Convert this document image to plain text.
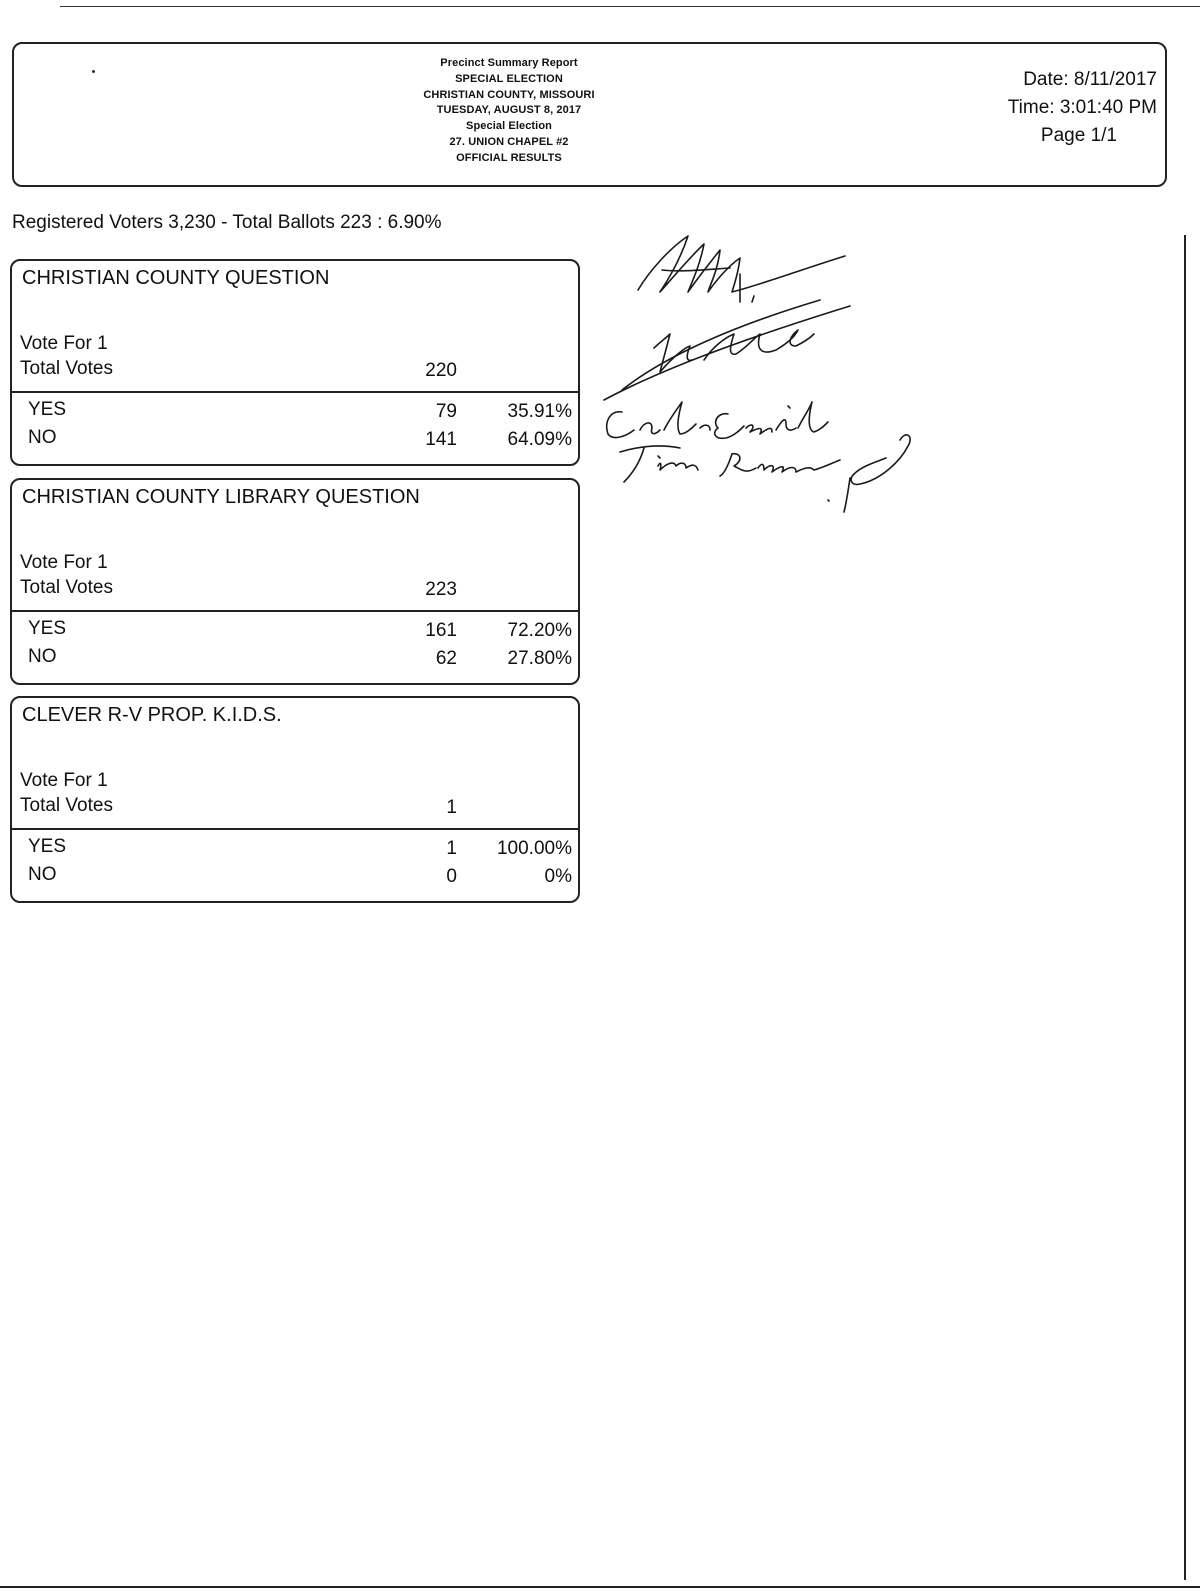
Precinct Summary Report
SPECIAL ELECTION
CHRISTIAN COUNTY, MISSOURI
TUESDAY, AUGUST 8, 2017
Special Election
27. UNION CHAPEL #2
OFFICIAL RESULTS
Date: 8/11/2017
Time: 3:01:40 PM
Page 1/1
Registered Voters 3,230 - Total Ballots 223 : 6.90%
CHRISTIAN COUNTY QUESTION
Vote For 1
Total Votes	220
YES	79	35.91%
NO	141	64.09%
CHRISTIAN COUNTY LIBRARY QUESTION
Vote For 1
Total Votes	223
YES	161	72.20%
NO	62	27.80%
CLEVER R-V PROP. K.I.D.S.
Vote For 1
Total Votes	1
YES	1	100.00%
NO	0	0%
